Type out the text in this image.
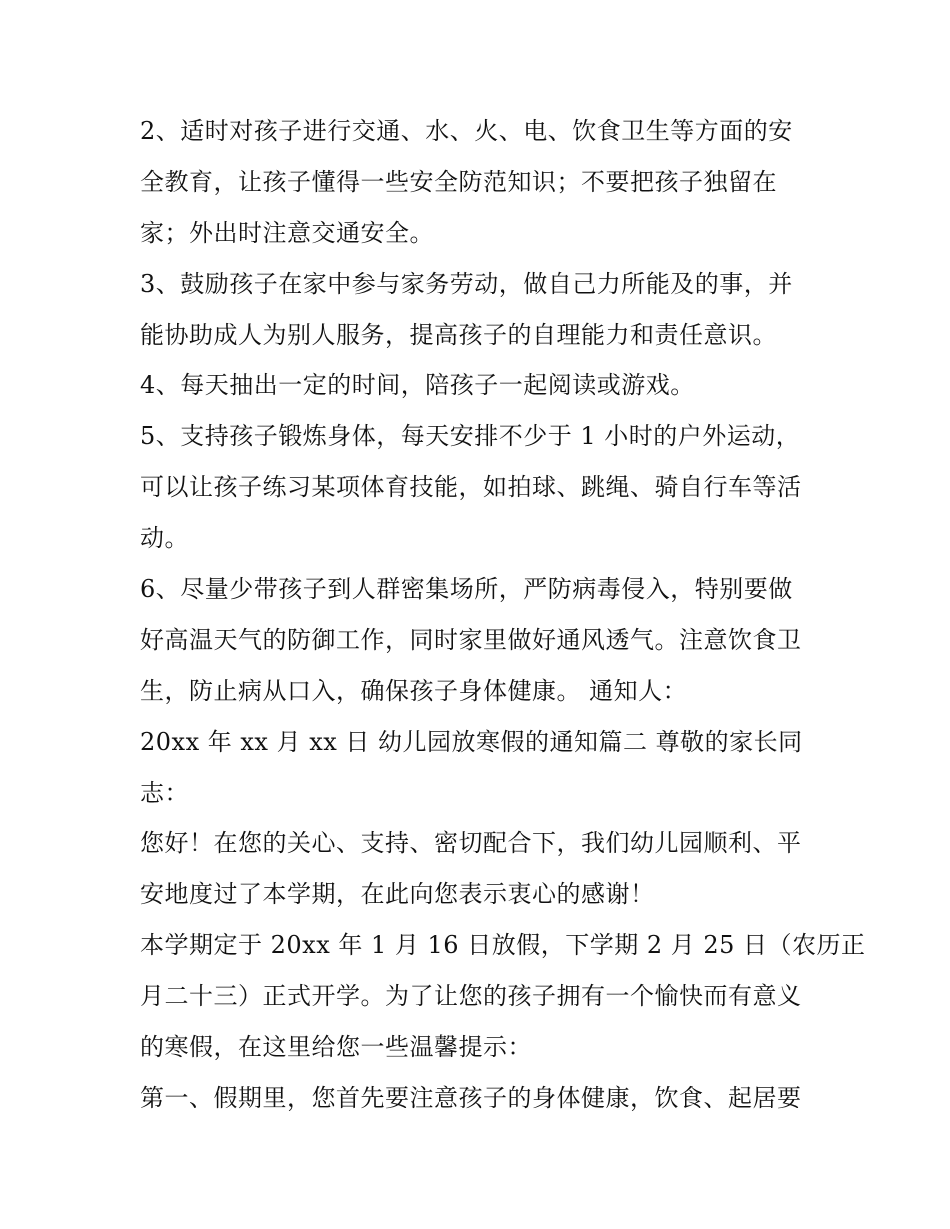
2、适时对孩子进行交通、水、火、电、饮食卫生等方面的安
全教育，让孩子懂得一些安全防范知识；不要把孩子独留在
家；外出时注意交通安全。
3、鼓励孩子在家中参与家务劳动，做自己力所能及的事，并
能协助成人为别人服务，提高孩子的自理能力和责任意识。
4、每天抽出一定的时间，陪孩子一起阅读或游戏。
5、支持孩子锻炼身体，每天安排不少于 1 小时的户外运动，
可以让孩子练习某项体育技能，如拍球、跳绳、骑自行车等活
动。
6、尽量少带孩子到人群密集场所，严防病毒侵入，特别要做
好高温天气的防御工作，同时家里做好通风透气。注意饮食卫
生，防止病从口入，确保孩子身体健康。 通知人：
20xx 年 xx 月 xx 日 幼儿园放寒假的通知篇二 尊敬的家长同
志：
您好！在您的关心、支持、密切配合下，我们幼儿园顺利、平
安地度过了本学期，在此向您表示衷心的感谢！
本学期定于 20xx 年 1 月 16 日放假，下学期 2 月 25 日（农历正
月二十三）正式开学。为了让您的孩子拥有一个愉快而有意义
的寒假，在这里给您一些温馨提示：
第一、假期里，您首先要注意孩子的身体健康，饮食、起居要
